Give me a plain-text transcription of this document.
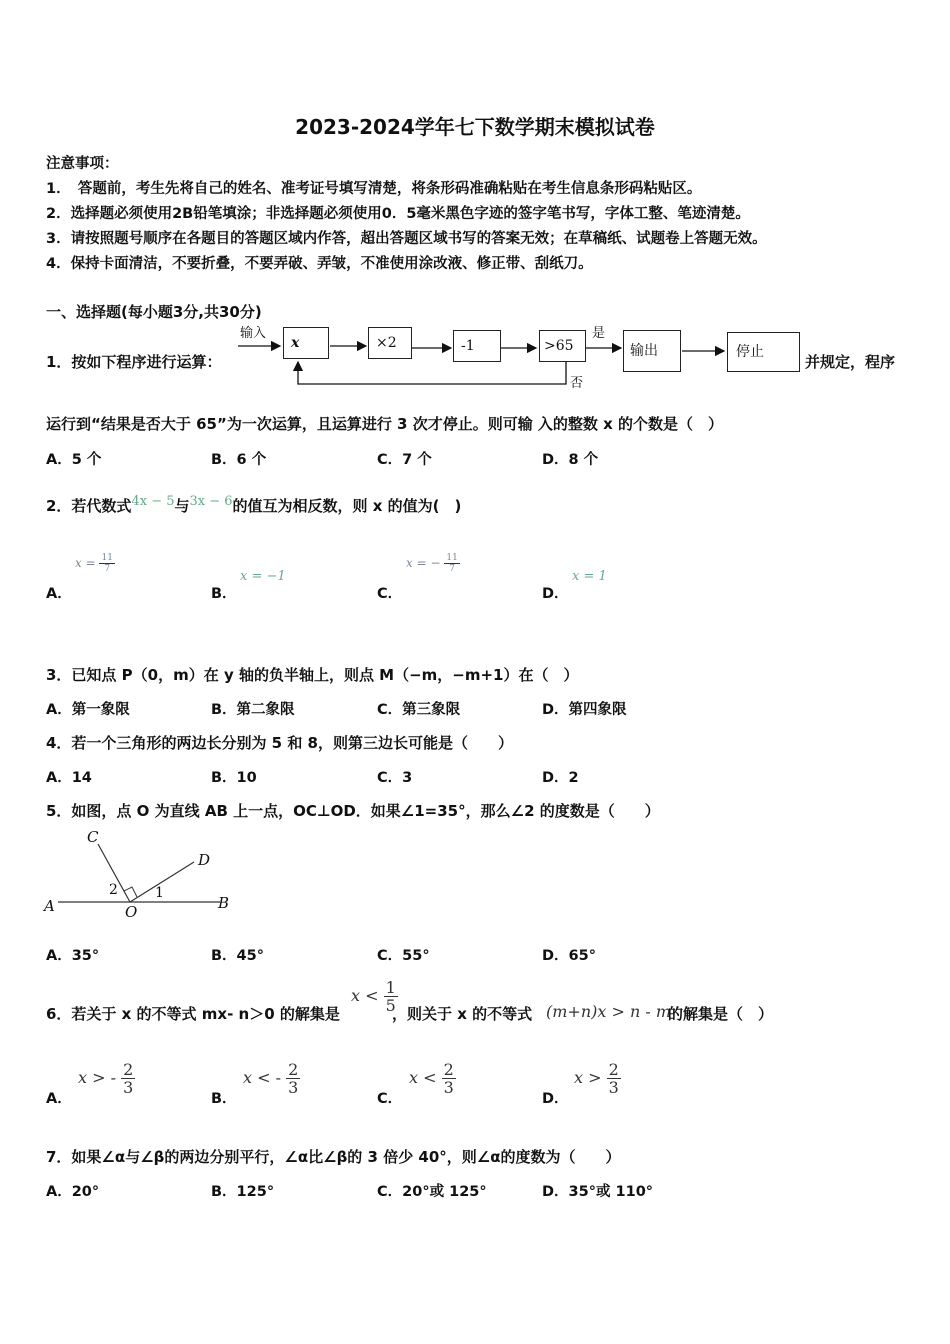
2023-2024学年七下数学期末模拟试卷
注意事项：
1．　答题前，考生先将自己的姓名、准考证号填写清楚，将条形码准确粘贴在考生信息条形码粘贴区。
2．选择题必须使用2B铅笔填涂；非选择题必须使用0．5毫米黑色字迹的签字笔书写，字体工整、笔迹清楚。
3．请按照题号顺序在各题目的答题区域内作答，超出答题区域书写的答案无效；在草稿纸、试题卷上答题无效。
4．保持卡面清洁，不要折叠，不要弄破、弄皱，不准使用涂改液、修正带、刮纸刀。
一、选择题(每小题3分,共30分)
1．按如下程序进行运算：
输入
x	×2	-1	>65
是
否
输出	停止
并规定，程序
运行到“结果是否大于 65”为一次运算，且运算进行 3 次才停止。则可输 入的整数 x 的个数是（　）
A．5 个	B．6 个	C．7 个	D．8 个
2．若代数式4x − 5与3x − 6的值互为相反数，则 x 的值为(　)
A．
$x = \frac{11}{7}$
B．
x = −1
C．
x = − $\frac{11}{7}$
D．
x = 1
3．已知点 P（0，m）在 y 轴的负半轴上，则点 M（−m，−m+1）在（　）
A．第一象限	B．第二象限	C．第三象限	D．第四象限
4．若一个三角形的两边长分别为 5 和 8，则第三边长可能是（　　）
A．14	B．10	C．3	D．2
5．如图，点 O 为直线 AB 上一点，OC⊥OD．如果∠1=35°，那么∠2 的度数是（　　）
A	B
C
D
O
1
2
A．35°	B．45°	C．55°	D．65°
6．若关于 x 的不等式 mx- n＞0 的解集是
$x < \frac{1}{5}$
，则关于 x 的不等式 (m+n)x > n - m
的解集是（　）
A．
x > - $\frac{2}{3}$
B．
x < - $\frac{2}{3}$
C．
$x < \frac{2}{3}$
D．
$x > \frac{2}{3}$
7．如果∠α与∠β的两边分别平行，∠α比∠β的 3 倍少 40°，则∠α的度数为（　　）
A．20°	B．125°	C．20°或 125°	D．35°或 110°
